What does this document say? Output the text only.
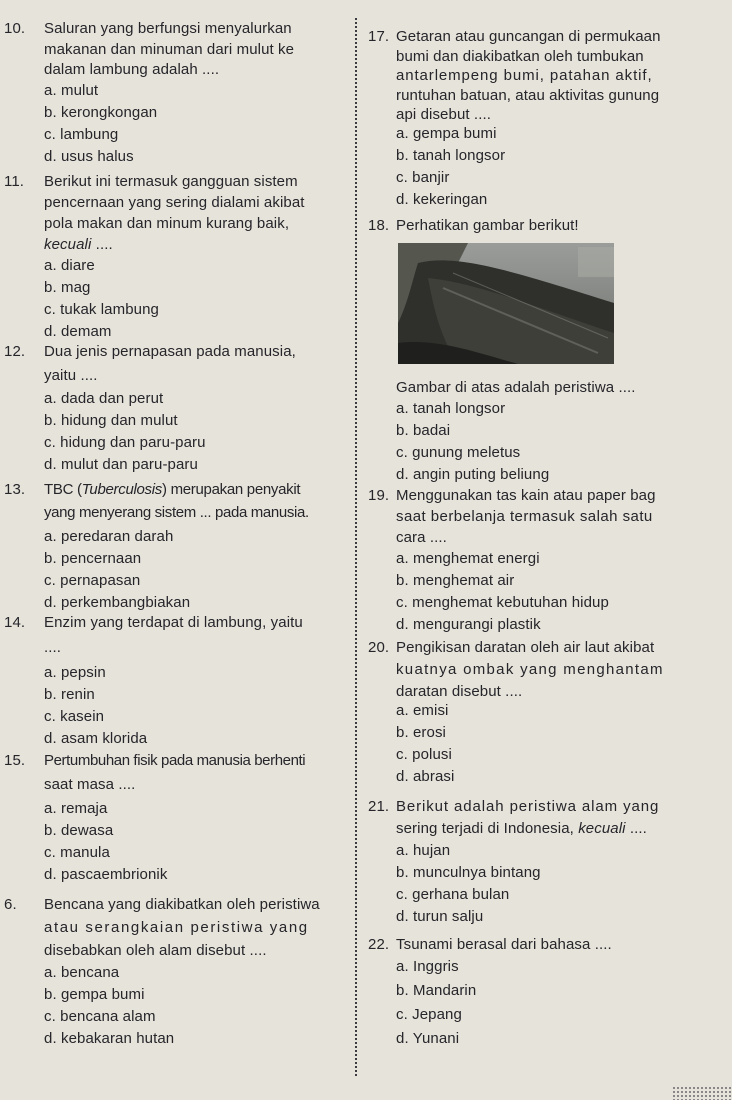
10. Saluran yang berfungsi menyalurkan
makanan dan minuman dari mulut ke
dalam lambung adalah ....
a. mulut
b. kerongkongan
c. lambung
d. usus halus
11. Berikut ini termasuk gangguan sistem
pencernaan yang sering dialami akibat
pola makan dan minum kurang baik,
kecuali ....
a. diare
b. mag
c. tukak lambung
d. demam
12. Dua jenis pernapasan pada manusia,
yaitu ....
a. dada dan perut
b. hidung dan mulut
c. hidung dan paru-paru
d. mulut dan paru-paru
13. TBC (Tuberculosis) merupakan penyakit
yang menyerang sistem ... pada manusia.
a. peredaran darah
b. pencernaan
c. pernapasan
d. perkembangbiakan
14. Enzim yang terdapat di lambung, yaitu
....
a. pepsin
b. renin
c. kasein
d. asam klorida
15. Pertumbuhan fisik pada manusia berhenti
saat masa ....
a. remaja
b. dewasa
c. manula
d. pascaembrionik
6. Bencana yang diakibatkan oleh peristiwa
atau serangkaian peristiwa yang
disebabkan oleh alam disebut ....
a. bencana
b. gempa bumi
c. bencana alam
d. kebakaran hutan
17. Getaran atau guncangan di permukaan
bumi dan diakibatkan oleh tumbukan
antarlempeng bumi, patahan aktif,
runtuhan batuan, atau aktivitas gunung
api disebut ....
a. gempa bumi
b. tanah longsor
c. banjir
d. kekeringan
18. Perhatikan gambar berikut!
Gambar di atas adalah peristiwa ....
a. tanah longsor
b. badai
c. gunung meletus
d. angin puting beliung
19. Menggunakan tas kain atau paper bag
saat berbelanja termasuk salah satu
cara ....
a. menghemat energi
b. menghemat air
c. menghemat kebutuhan hidup
d. mengurangi plastik
20. Pengikisan daratan oleh air laut akibat
kuatnya ombak yang menghantam
daratan disebut ....
a. emisi
b. erosi
c. polusi
d. abrasi
21. Berikut adalah peristiwa alam yang
sering terjadi di Indonesia, kecuali ....
a. hujan
b. munculnya bintang
c. gerhana bulan
d. turun salju
22. Tsunami berasal dari bahasa ....
a. Inggris
b. Mandarin
c. Jepang
d. Yunani
